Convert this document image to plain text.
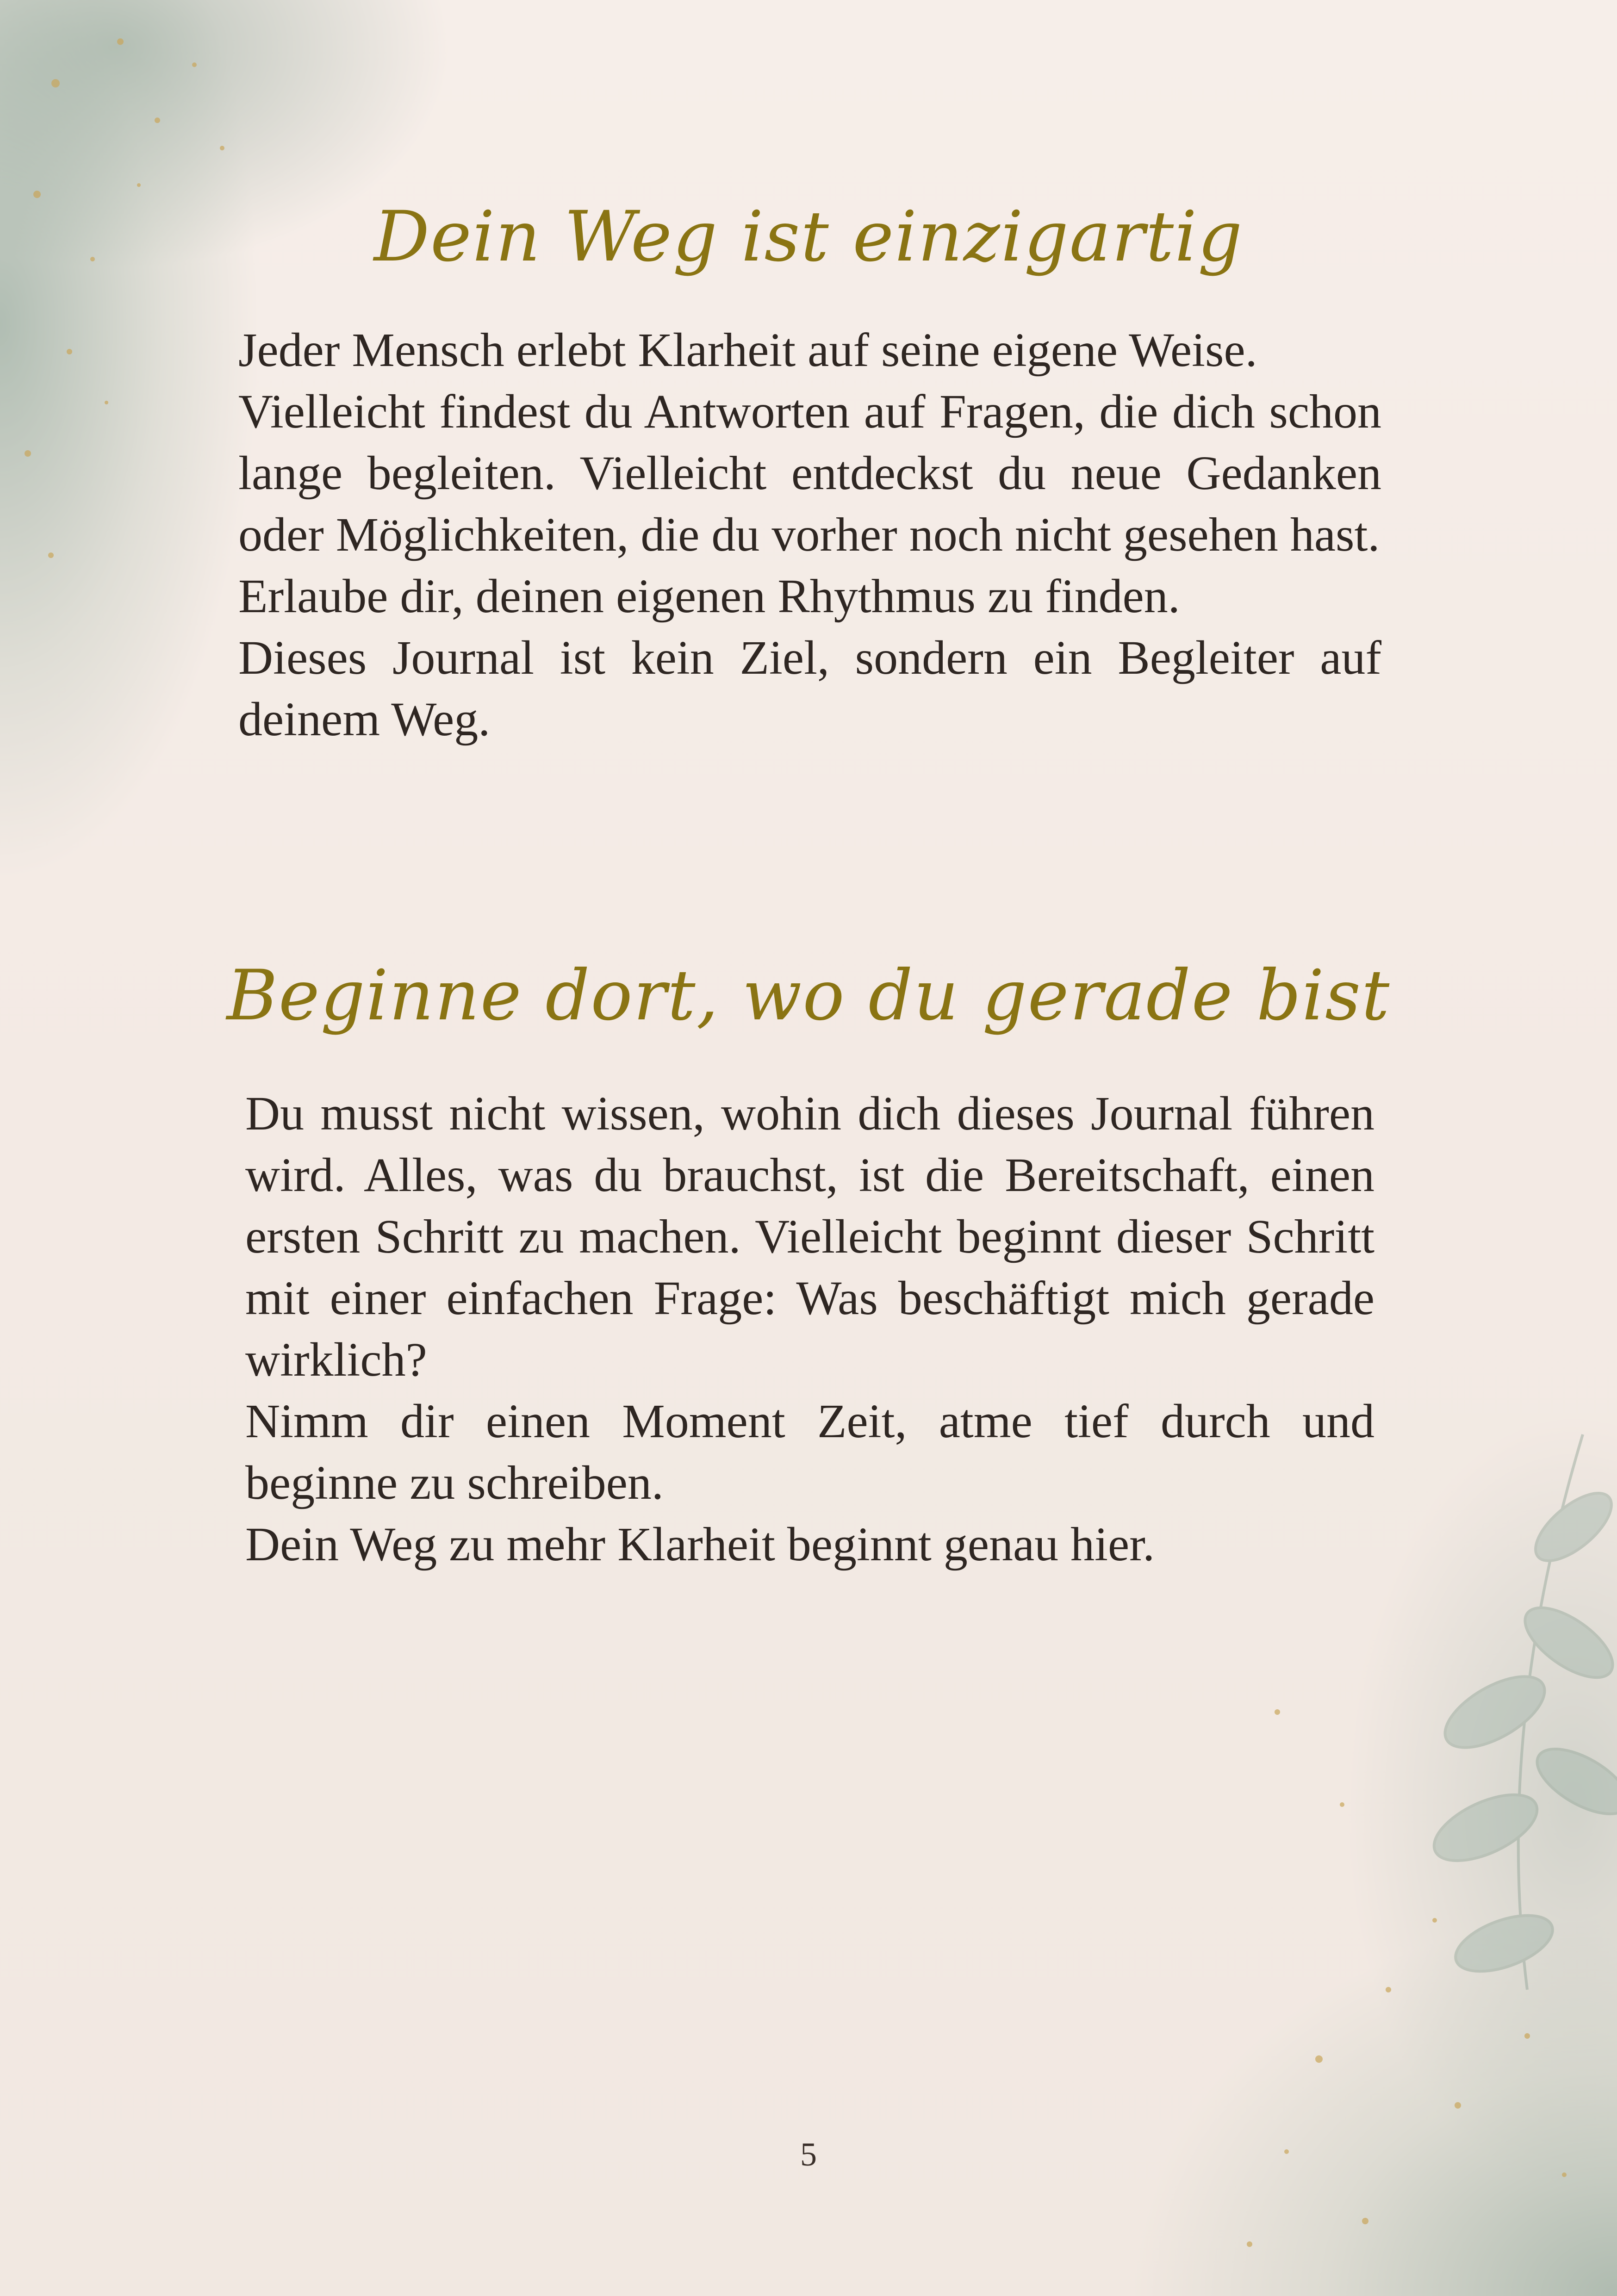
Dein Weg ist einzigartig

Jeder Mensch erlebt Klarheit auf seine eigene Weise.

Vielleicht findest du Antworten auf Fragen, die dich schon lange begleiten. Vielleicht entdeckst du neue Gedanken oder Möglichkeiten, die du vorher noch nicht gesehen hast.

Erlaube dir, deinen eigenen Rhythmus zu finden.

Dieses Journal ist kein Ziel, sondern ein Begleiter auf deinem Weg.

Beginne dort, wo du gerade bist

Du musst nicht wissen, wohin dich dieses Journal führen wird. Alles, was du brauchst, ist die Bereitschaft, einen ersten Schritt zu machen. Vielleicht beginnt dieser Schritt mit einer einfachen Frage: Was beschäftigt mich gerade wirklich?

Nimm dir einen Moment Zeit, atme tief durch und beginne zu schreiben.

Dein Weg zu mehr Klarheit beginnt genau hier.

5
